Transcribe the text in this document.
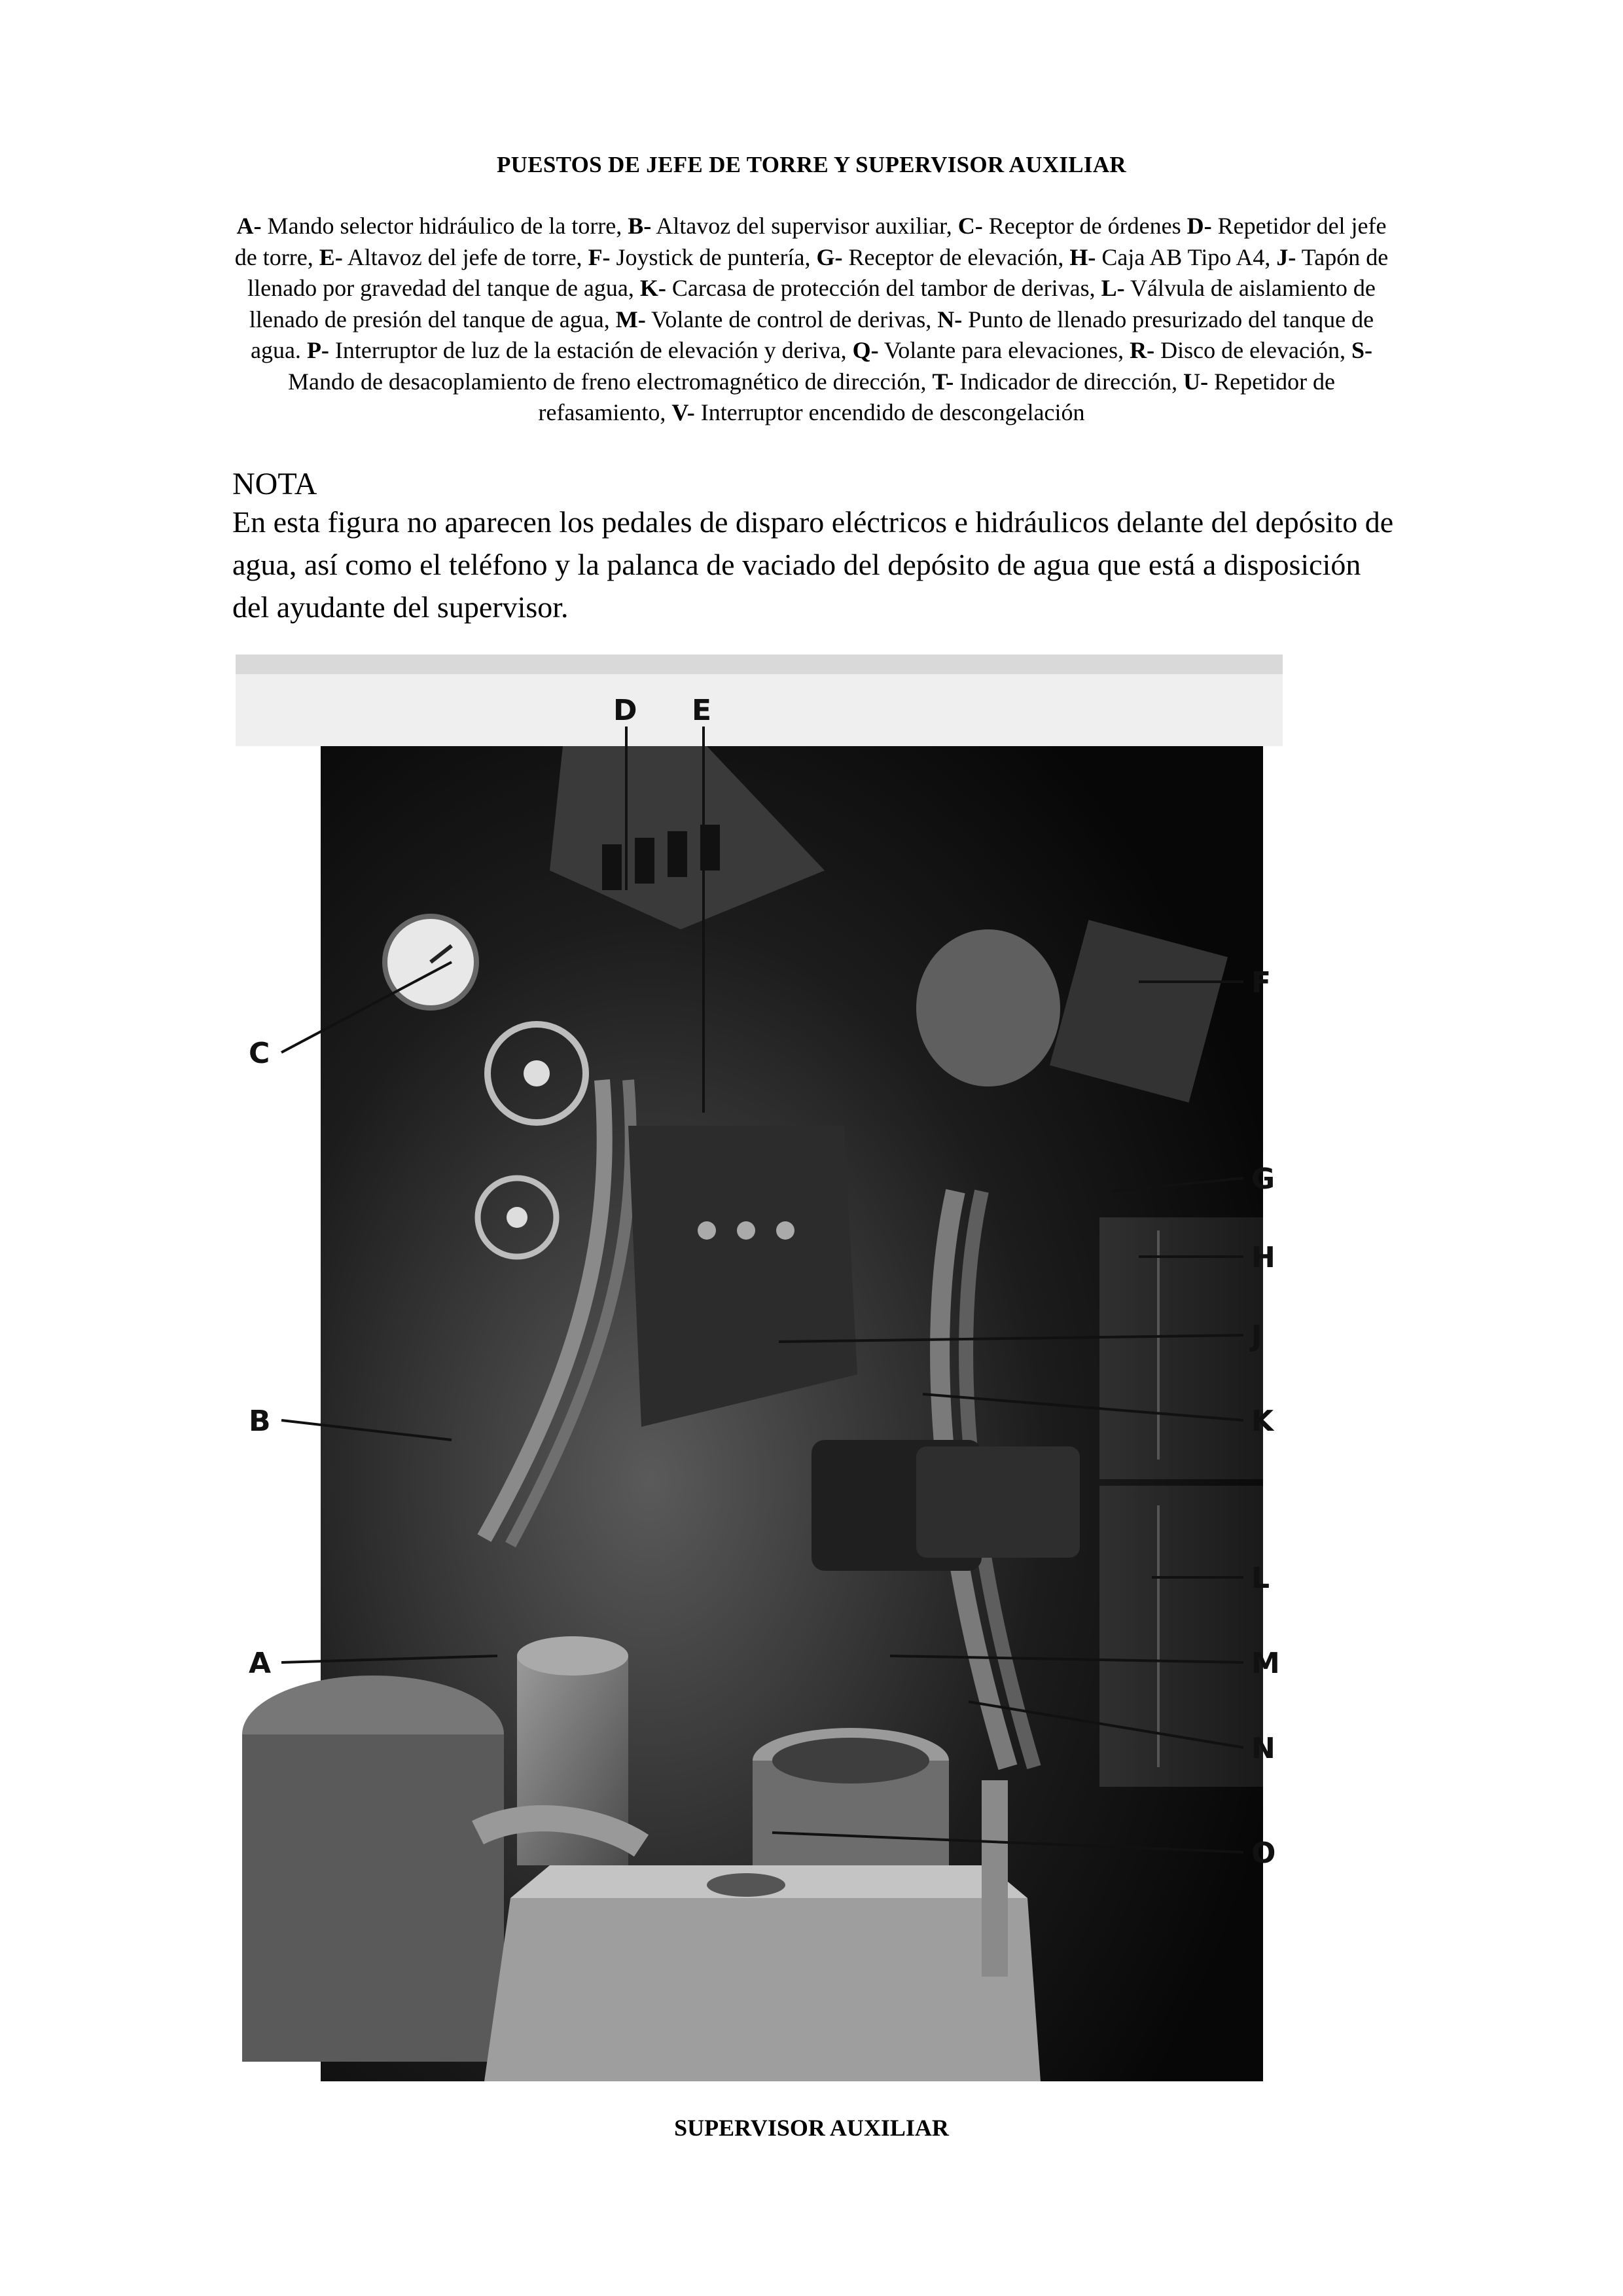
PUESTOS DE JEFE DE TORRE Y SUPERVISOR AUXILIAR
A- Mando selector hidráulico de la torre, B- Altavoz del supervisor auxiliar, C- Receptor de órdenes D- Repetidor del jefe de torre, E- Altavoz del jefe de torre, F- Joystick de puntería, G- Receptor de elevación, H- Caja AB Tipo A4, J- Tapón de llenado por gravedad del tanque de agua, K- Carcasa de protección del tambor de derivas, L- Válvula de aislamiento de llenado de presión del tanque de agua, M- Volante de control de derivas, N- Punto de llenado presurizado del tanque de agua. P- Interruptor de luz de la estación de elevación y deriva, Q- Volante para elevaciones, R- Disco de elevación, S- Mando de desacoplamiento de freno electromagnético de dirección, T- Indicador de dirección, U- Repetidor de refasamiento, V- Interruptor encendido de descongelación
NOTA
En esta figura no aparecen los pedales de disparo eléctricos e hidráulicos delante del depósito de agua, así como el teléfono y la palanca de vaciado del depósito de agua que está a disposición del ayudante del supervisor.
D E
C
F
G
H
J
B	K
L
A	M
N
O
SUPERVISOR AUXILIAR
